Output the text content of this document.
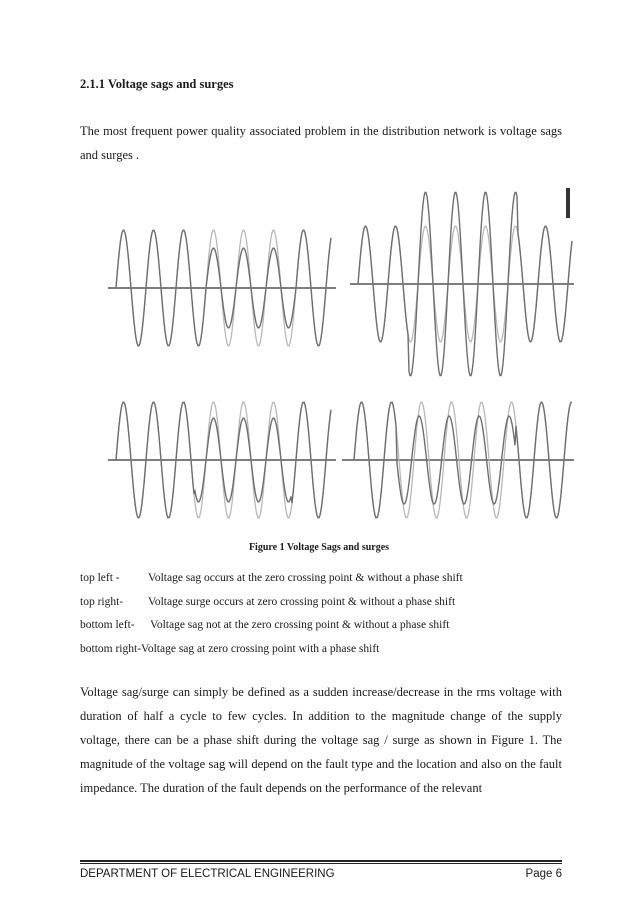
2.1.1 Voltage sags and surges
The most frequent power quality associated problem in the distribution network is voltage sags and surges .
Figure 1 Voltage Sags and surges
top left - Voltage sag occurs at the zero crossing point & without a phase shift
top right- Voltage surge occurs at zero crossing point & without a phase shift
bottom left- Voltage sag not at the zero crossing point & without a phase shift
bottom right-Voltage sag at zero crossing point with a phase shift
Voltage sag/surge can simply be defined as a sudden increase/decrease in the rms voltage with duration of half a cycle to few cycles. In addition to the magnitude change of the supply voltage, there can be a phase shift during the voltage sag / surge as shown in Figure 1. The magnitude of the voltage sag will depend on the fault type and the location and also on the fault impedance. The duration of the fault depends on the performance of the relevant
DEPARTMENT OF ELECTRICAL ENGINEERING	Page 6
